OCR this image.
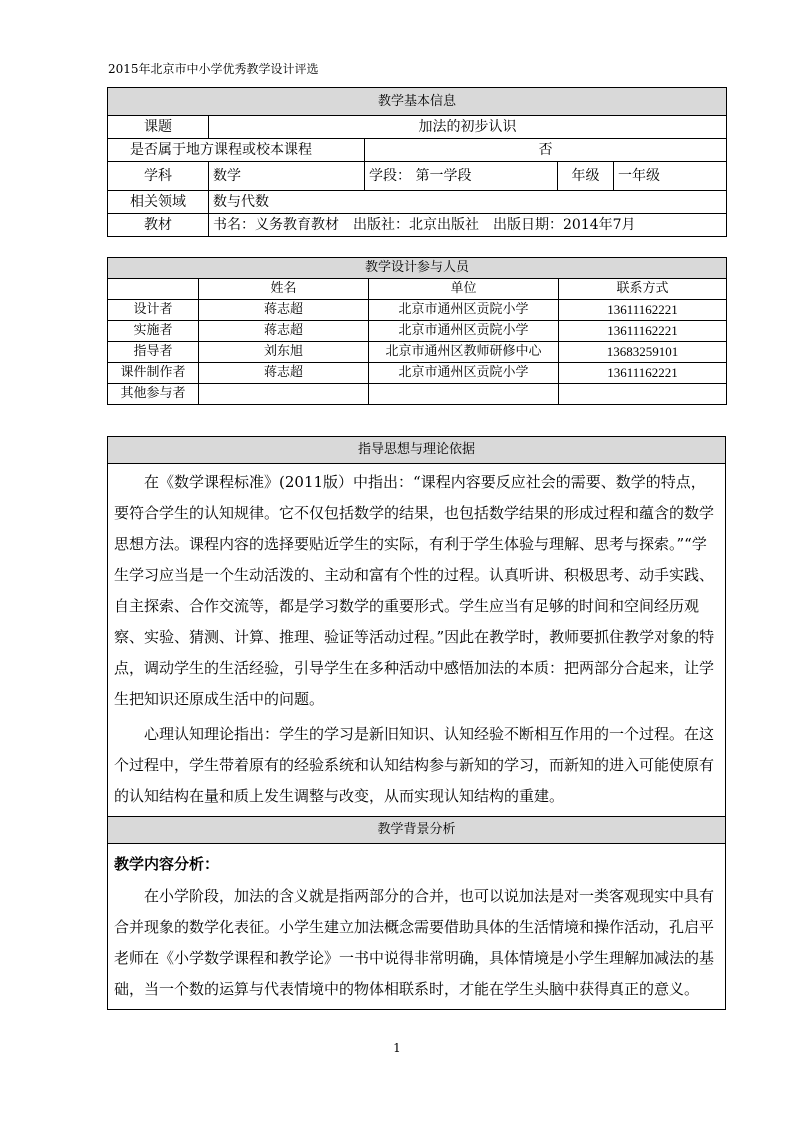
2015年北京市中小学优秀教学设计评选
教学基本信息				
课题	加法的初步认识			
是否属于地方课程或校本课程		否		
学科	数学	学段： 第一学段	年级	一年级
相关领域	数与代数			
教材	书名：义务教育教材　出版社：北京出版社　出版日期：2014年7月			
教学设计参与人员			
	姓名	单位	联系方式
设计者	蒋志超	北京市通州区贡院小学	13611162221
实施者	蒋志超	北京市通州区贡院小学	13611162221
指导者	刘东旭	北京市通州区教师研修中心	13683259101
课件制作者	蒋志超	北京市通州区贡院小学	13611162221
其他参与者			
指导思想与理论依据

在《数学课程标准》(2011版）中指出：“课程内容要反应社会的需要、数学的特点，要符合学生的认知规律。它不仅包括数学的结果，也包括数学结果的形成过程和蕴含的数学思想方法。课程内容的选择要贴近学生的实际，有利于学生体验与理解、思考与探索。”“学生学习应当是一个生动活泼的、主动和富有个性的过程。认真听讲、积极思考、动手实践、自主探索、合作交流等，都是学习数学的重要形式。学生应当有足够的时间和空间经历观察、实验、猜测、计算、推理、验证等活动过程。”因此在教学时，教师要抓住教学对象的特点，调动学生的生活经验，引导学生在多种活动中感悟加法的本质：把两部分合起来，让学生把知识还原成生活中的问题。

心理认知理论指出：学生的学习是新旧知识、认知经验不断相互作用的一个过程。在这个过程中，学生带着原有的经验系统和认知结构参与新知的学习，而新知的进入可能使原有的认知结构在量和质上发生调整与改变，从而实现认知结构的重建。

教学背景分析

教学内容分析：

在小学阶段，加法的含义就是指两部分的合并，也可以说加法是对一类客观现实中具有合并现象的数学化表征。小学生建立加法概念需要借助具体的生活情境和操作活动，孔启平老师在《小学数学课程和教学论》一书中说得非常明确，具体情境是小学生理解加减法的基础，当一个数的运算与代表情境中的物体相联系时，才能在学生头脑中获得真正的意义。

1
